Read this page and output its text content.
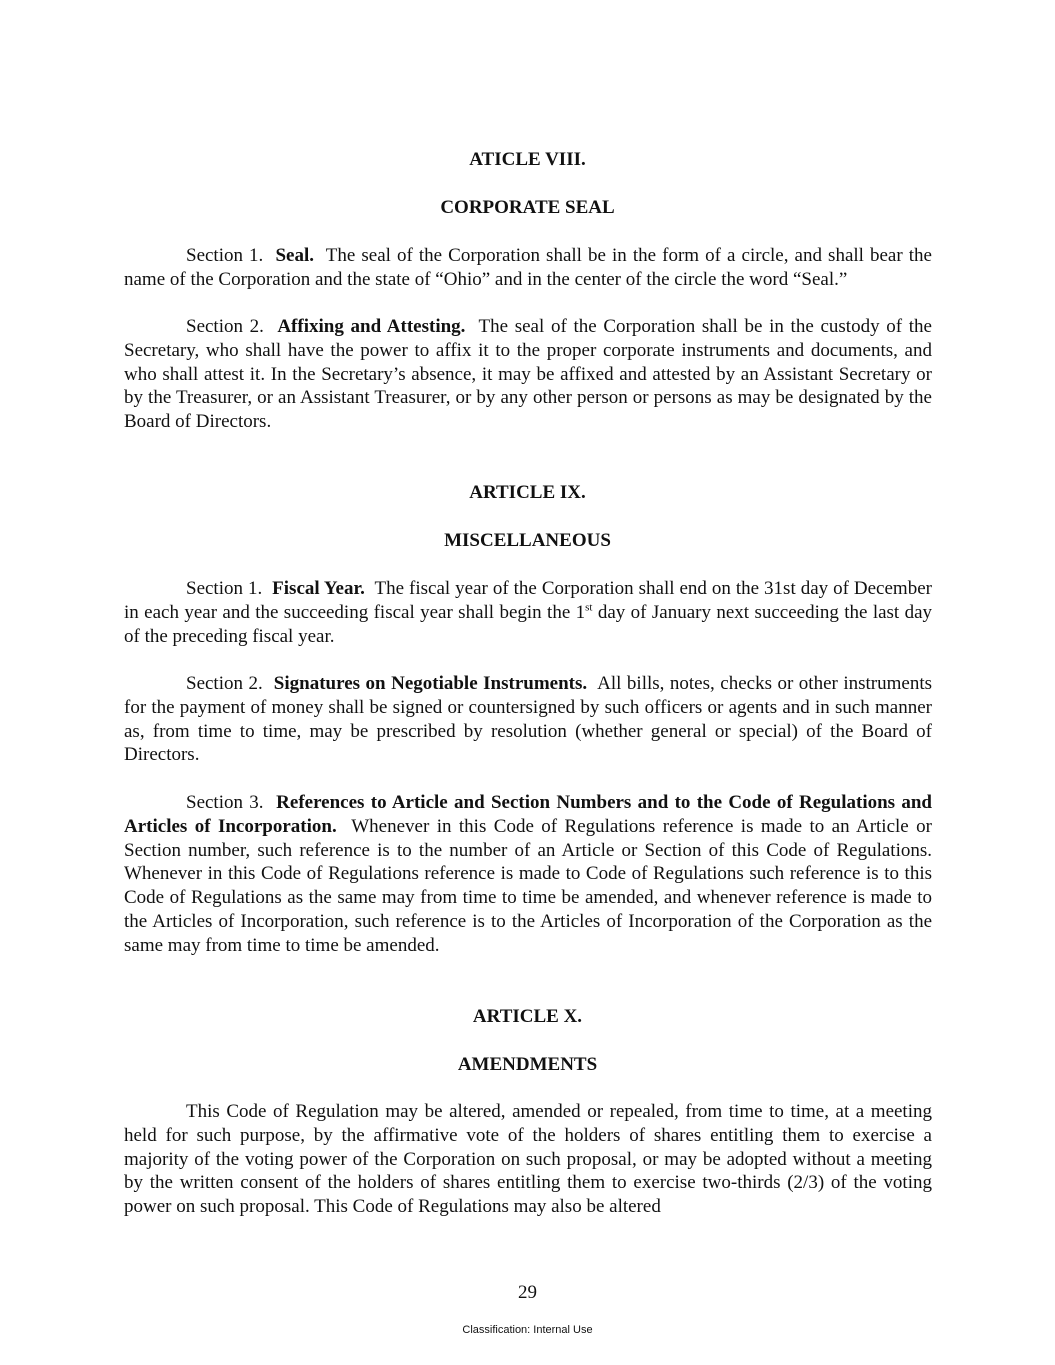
ATICLE VIII.
CORPORATE SEAL

Section 1. Seal. The seal of the Corporation shall be in the form of a circle, and shall bear the name of the Corporation and the state of “Ohio” and in the center of the circle the word “Seal.”

Section 2. Affixing and Attesting. The seal of the Corporation shall be in the custody of the Secretary, who shall have the power to affix it to the proper corporate instruments and documents, and who shall attest it. In the Secretary’s absence, it may be affixed and attested by an Assistant Secretary or by the Treasurer, or an Assistant Treasurer, or by any other person or persons as may be designated by the Board of Directors.

ARTICLE IX.
MISCELLANEOUS

Section 1. Fiscal Year. The fiscal year of the Corporation shall end on the 31st day of December in each year and the succeeding fiscal year shall begin the 1st day of January next succeeding the last day of the preceding fiscal year.

Section 2. Signatures on Negotiable Instruments. All bills, notes, checks or other instruments for the payment of money shall be signed or countersigned by such officers or agents and in such manner as, from time to time, may be prescribed by resolution (whether general or special) of the Board of Directors.

Section 3. References to Article and Section Numbers and to the Code of Regulations and Articles of Incorporation. Whenever in this Code of Regulations reference is made to an Article or Section number, such reference is to the number of an Article or Section of this Code of Regulations. Whenever in this Code of Regulations reference is made to Code of Regulations such reference is to this Code of Regulations as the same may from time to time be amended, and whenever reference is made to the Articles of Incorporation, such reference is to the Articles of Incorporation of the Corporation as the same may from time to time be amended.

ARTICLE X.
AMENDMENTS

This Code of Regulation may be altered, amended or repealed, from time to time, at a meeting held for such purpose, by the affirmative vote of the holders of shares entitling them to exercise a majority of the voting power of the Corporation on such proposal, or may be adopted without a meeting by the written consent of the holders of shares entitling them to exercise two-thirds (2/3) of the voting power on such proposal. This Code of Regulations may also be altered

29
Classification: Internal Use
